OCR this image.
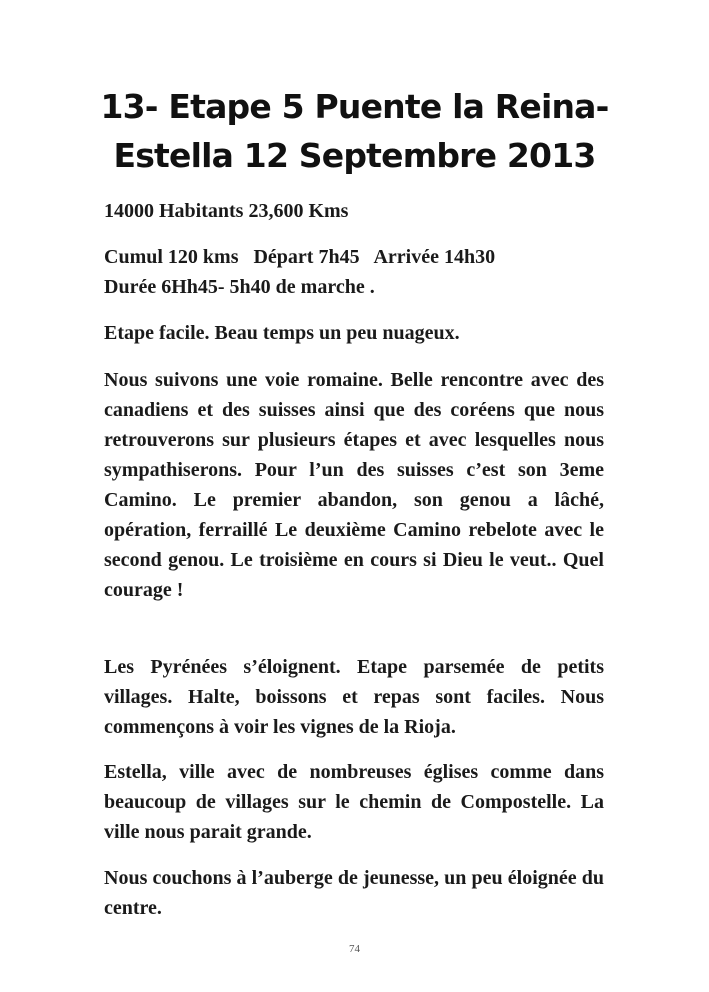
13- Etape 5 Puente la Reina-
Estella 12 Septembre 2013

14000 Habitants 23,600 Kms

Cumul 120 kms   Départ 7h45   Arrivée 14h30
Durée 6Hh45- 5h40 de marche .

Etape facile. Beau temps un peu nuageux.

Nous suivons une voie romaine. Belle rencontre avec des canadiens et des suisses ainsi que des coréens que nous retrouverons sur plusieurs étapes et avec lesquelles nous sympathiserons. Pour l’un des suisses c’est son 3eme Camino. Le premier abandon, son genou a lâché, opération, ferraillé Le deuxième Camino rebelote avec le second genou. Le troisième en cours si Dieu le veut.. Quel courage !

Les Pyrénées s’éloignent. Etape parsemée de petits villages. Halte, boissons et repas sont faciles. Nous commençons à voir les vignes de la Rioja.

Estella, ville avec de nombreuses églises comme dans beaucoup de villages sur le chemin de Compostelle. La ville nous parait grande.

Nous couchons à l’auberge de jeunesse, un peu éloignée du centre.

74
